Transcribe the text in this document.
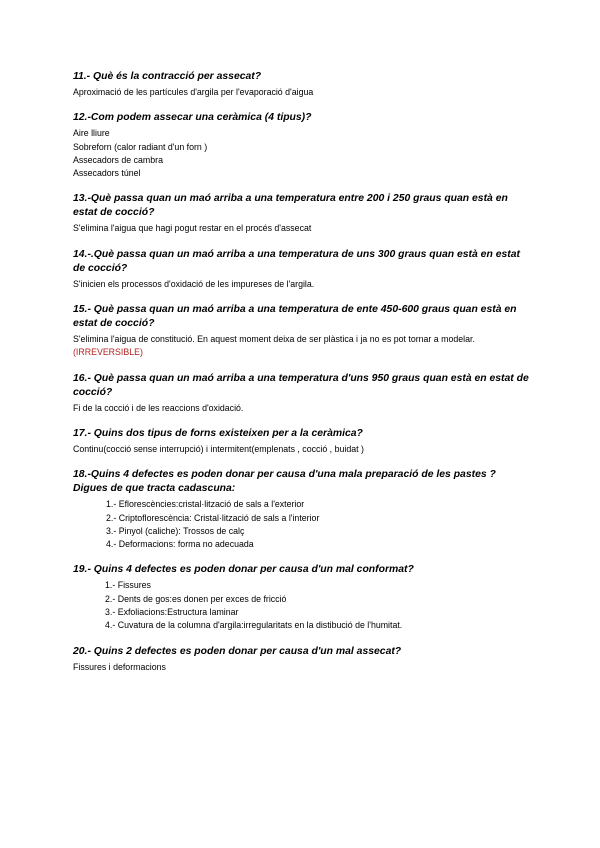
11.- Què és la contracció per assecat?

Aproximació de les partícules d'argila per l'evaporació d'aigua

12.-Com podem assecar una ceràmica (4 tipus)?

Aire lliure

Sobreforn (calor radiant d'un forn )

Assecadors de cambra

Assecadors túnel

13.-Què passa quan un maó arriba a una temperatura entre 200 i 250 graus quan està en estat de cocció?

S'elimina l'aigua que hagi pogut restar en el procés d'assecat

14.-.Què passa quan un maó arriba a una temperatura de uns 300 graus quan està en estat de cocció?

S'inicien els processos d'oxidació de les impureses de l'argila.

15.- Què passa quan un maó arriba a una temperatura de ente 450-600 graus quan està en estat de cocció?
S'elimina l'aigua de constitució. En aquest moment deixa de ser plàstica i ja no es pot tornar a modelar. (IRREVERSIBLE)
16.- Què passa quan un maó arriba a una temperatura d'uns 950 graus quan està en estat de cocció?

Fi de la cocció i de les reaccions d'oxidació.

17.- Quins dos tipus de forns existeixen per a la ceràmica?

Continu(cocció sense interrupció) i intermitent(emplenats , cocció , buidat )

18.-Quins 4 defectes es poden donar per causa d'una mala preparació de les pastes ? Digues de que tracta cadascuna:
1.- Eflorescències:cristal·lització de sals a l'exterior
2.- Criptoflorescència: Cristal·lització de sals a l'interior
3.- Pinyol (caliche): Trossos de calç
4.- Deformacions: forma no adecuada
19.- Quins 4 defectes es poden donar per causa d'un mal conformat?
1.- Fissures
2.- Dents de gos:es donen per exces de fricció
3.- Exfoliacions:Estructura laminar
4.- Cuvatura de la columna d'argila:irregularitats en la distibució de l'humitat.
20.- Quins 2 defectes es poden donar per causa d'un mal assecat?

Fissures i deformacions
